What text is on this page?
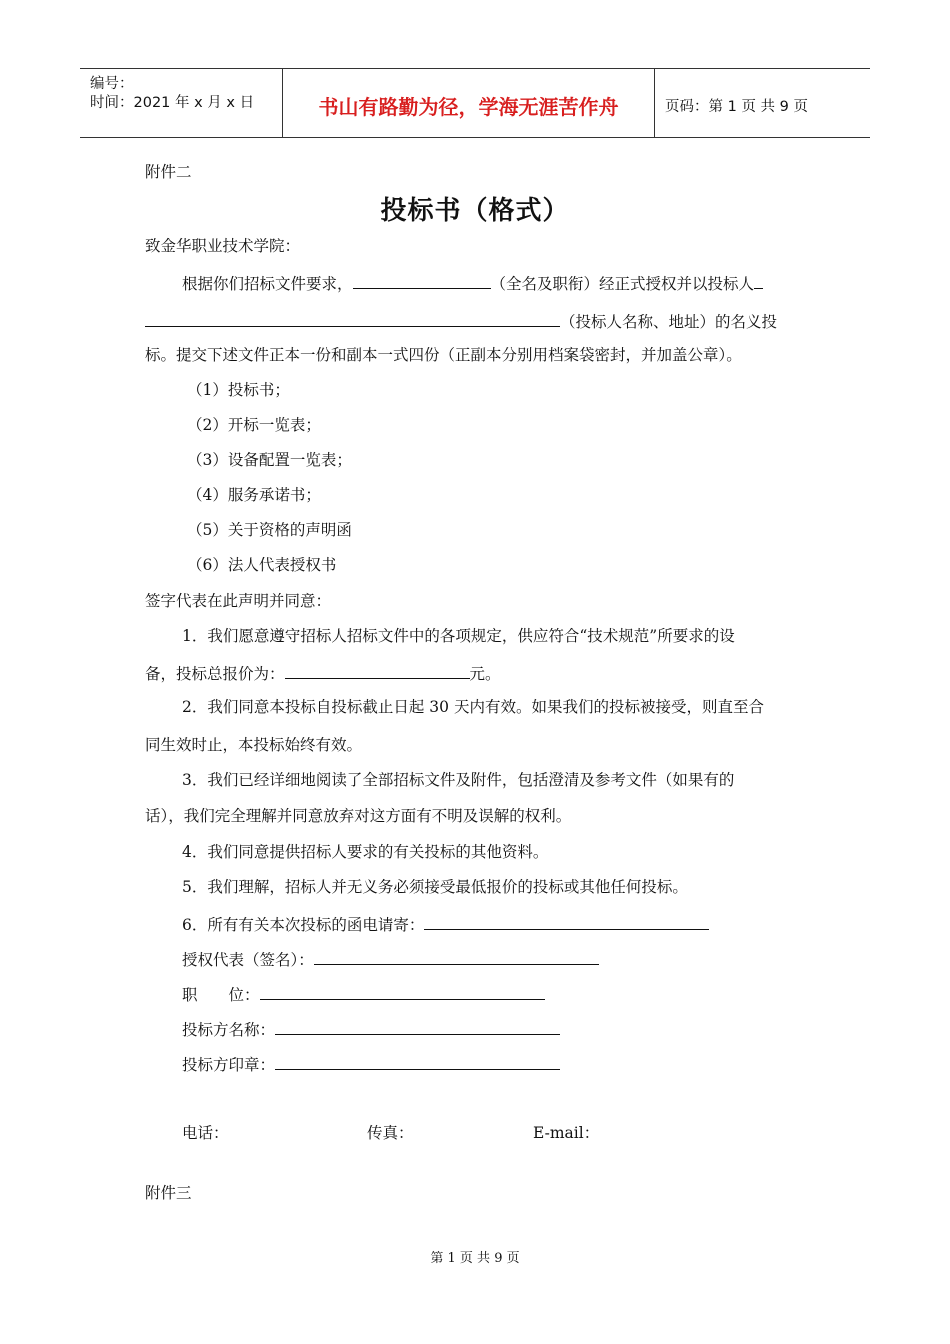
编号：
时间：2021 年 x 月 x 日	书山有路勤为径，学海无涯苦作舟	页码：第 1 页 共 9 页
附件二
投标书（格式）
致金华职业技术学院：
根据你们招标文件要求，	（全名及职衔）经正式授权并以投标人
（投标人名称、地址）的名义投
标。提交下述文件正本一份和副本一式四份（正副本分别用档案袋密封，并加盖公章）。
（1）投标书；
（2）开标一览表；
（3）设备配置一览表；
（4）服务承诺书；
（5）关于资格的声明函
（6）法人代表授权书
签字代表在此声明并同意：
1．我们愿意遵守招标人招标文件中的各项规定，供应符合“技术规范”所要求的设
备，投标总报价为：	元。
2．我们同意本投标自投标截止日起 30 天内有效。如果我们的投标被接受，则直至合
同生效时止，本投标始终有效。
3．我们已经详细地阅读了全部招标文件及附件，包括澄清及参考文件（如果有的
话），我们完全理解并同意放弃对这方面有不明及误解的权利。
4．我们同意提供招标人要求的有关投标的其他资料。
5．我们理解，招标人并无义务必须接受最低报价的投标或其他任何投标。
6．所有有关本次投标的函电请寄：
授权代表（签名）：
职　　位：
投标方名称：
投标方印章：
电话：	传真：	E-mail：
附件三
第 1 页 共 9 页
